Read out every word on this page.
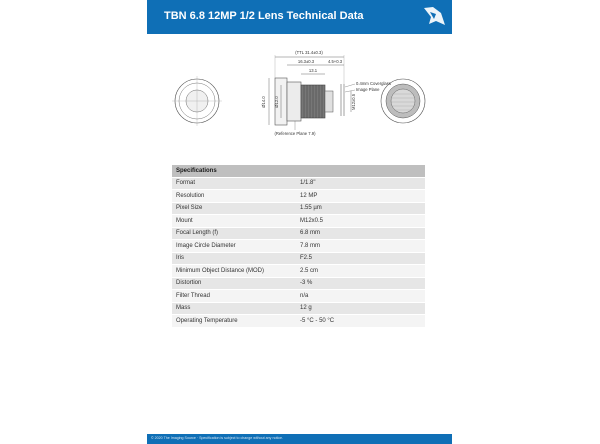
TBN 6.8 12MP 1/2 Lens Technical Data
(TTL 31.4±0.3)
16.3±0.3	4.5+0.3
13.1
Ø14.0 Ø12.0	M12x0.5
0.4mm Coverglass
Image Plane
(Reference Plane 7.9)
Specifications	
Format	1/1.8"
Resolution	12 MP
Pixel Size	1.55 µm
Mount	M12x0.5
Focal Length (f)	6.8 mm
Image Circle Diameter	7.8 mm
Iris	F2.5
Minimum Object Distance (MOD)	2.5 cm
Distortion	-3 %
Filter Thread	n/a
Mass	12 g
Operating Temperature	-5 °C - 50 °C
© 2020 The Imaging Source · Specification is subject to change without any notice.
